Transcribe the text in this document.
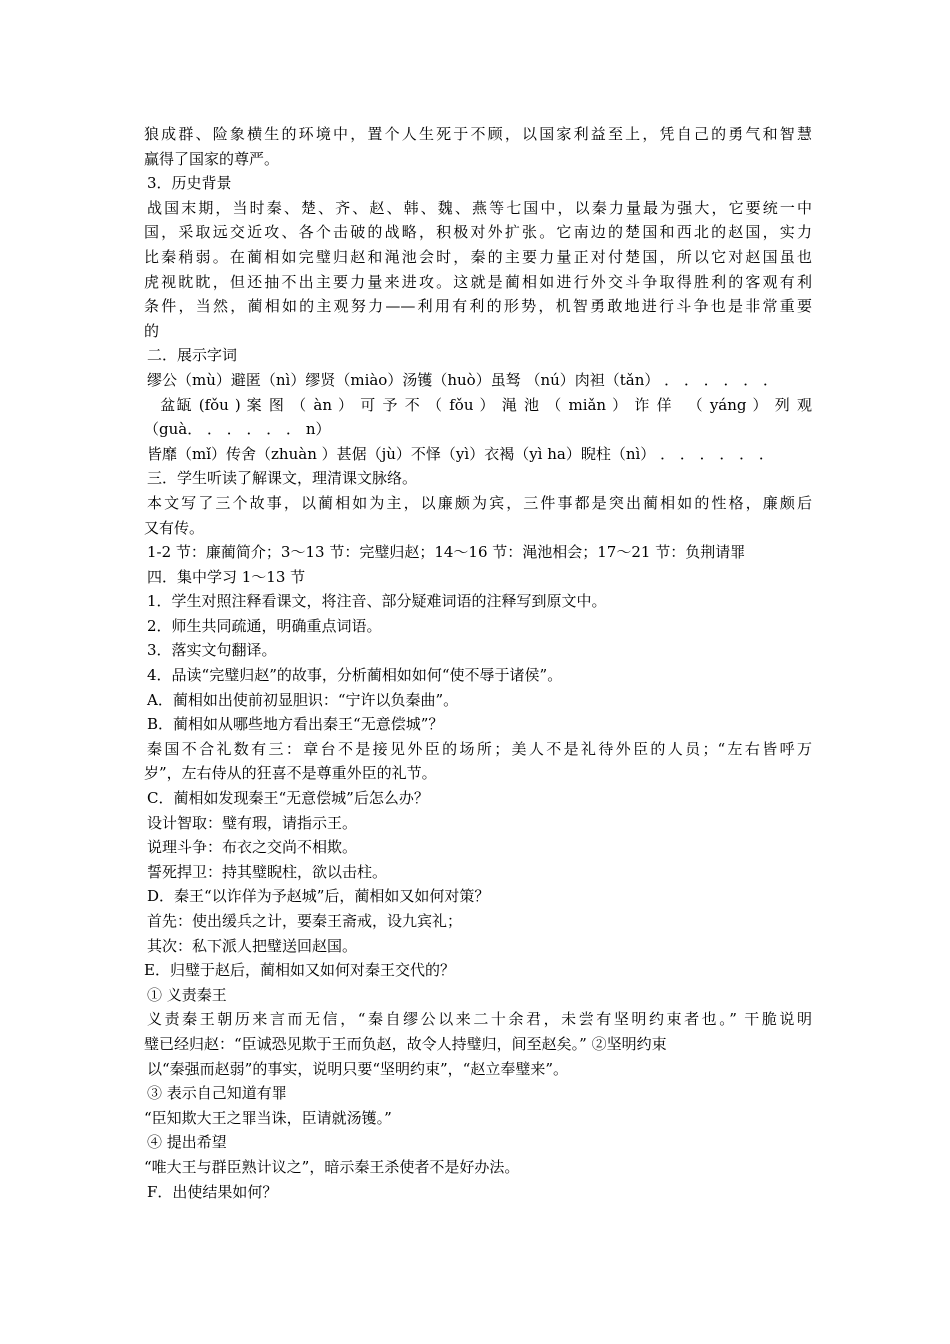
狼成群、险象横生的环境中，置个人生死于不顾，以国家利益至上，凭自己的勇气和智慧
赢得了国家的尊严。
3．历史背景
战国末期，当时秦、楚、齐、赵、韩、魏、燕等七国中，以秦力量最为强大，它要统一中
国，采取远交近攻、各个击破的战略，积极对外扩张。它南边的楚国和西北的赵国，实力
比秦稍弱。在蔺相如完璧归赵和渑池会时，秦的主要力量正对付楚国，所以它对赵国虽也
虎视眈眈，但还抽不出主要力量来进攻。这就是蔺相如进行外交斗争取得胜利的客观有利
条件，当然，蔺相如的主观努力——利用有利的形势，机智勇敢地进行斗争也是非常重要
的
二．展示字词
缪公（mù）避匿（nì）缪贤（miào）汤镬（huò）虽驽 （nú）肉袒（tǎn） ． ． ． ． ． ．
　盆缻 (fǒu ) 案 图 （ àn ） 可 予 不 （ fǒu ） 渑 池 （ miǎn ） 诈 佯 　（ yáng ） 列 观
（guà． ． ． ． ． ． n）
皆靡（mǐ）传舍（zhuàn ）甚倨（jù）不怿（yì）衣褐（yì ha）睨柱（nì） ． ． ． ． ． ．
三．学生听读了解课文，理清课文脉络。
本文写了三个故事，以蔺相如为主，以廉颇为宾，三件事都是突出蔺相如的性格，廉颇后
又有传。
1-2 节：廉蔺简介；3～13 节：完璧归赵；14～16 节：渑池相会；17～21 节：负荆请罪
四．集中学习 1～13 节
1．学生对照注释看课文，将注音、部分疑难词语的注释写到原文中。
2．师生共同疏通，明确重点词语。
3．落实文句翻译。
4．品读“完璧归赵”的故事，分析蔺相如如何“使不辱于诸侯”。
A．蔺相如出使前初显胆识：“宁许以负秦曲”。
B．蔺相如从哪些地方看出秦王“无意偿城”？
秦国不合礼数有三：章台不是接见外臣的场所；美人不是礼待外臣的人员；“左右皆呼万
岁”，左右侍从的狂喜不是尊重外臣的礼节。
C．蔺相如发现秦王“无意偿城”后怎么办？
设计智取：璧有瑕，请指示王。
说理斗争：布衣之交尚不相欺。
誓死捍卫：持其璧睨柱，欲以击柱。
D．秦王“以诈佯为予赵城”后，蔺相如又如何对策？
首先：使出缓兵之计，要秦王斋戒，设九宾礼；
其次：私下派人把璧送回赵国。
E．归璧于赵后，蔺相如又如何对秦王交代的？
① 义责秦王
义责秦王朝历来言而无信，“秦自缪公以来二十余君，未尝有坚明约束者也。” 干脆说明
璧已经归赵：“臣诚恐见欺于王而负赵，故令人持璧归，间至赵矣。” ②坚明约束
以“秦强而赵弱”的事实，说明只要“坚明约束”，“赵立奉璧来”。
③ 表示自己知道有罪
“臣知欺大王之罪当诛，臣请就汤镬。”
④ 提出希望
“唯大王与群臣熟计议之”，暗示秦王杀使者不是好办法。
F．出使结果如何？
